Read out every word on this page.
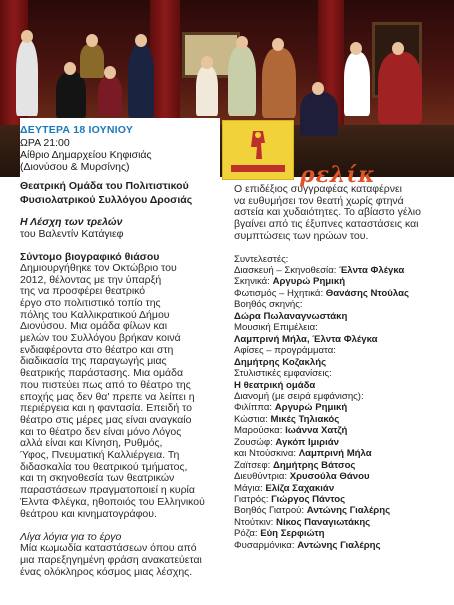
ΔΕΥΤΕΡΑ 18 ΙΟΥΝΙΟΥ
ΩΡΑ 21:00
Αίθριο Δημαρχείου Κηφισιάς
(Διονύσου & Μυρσίνης)	ρελίκ
Θεατρική Ομάδα του Πολιτιστικού
Φυσιολατρικού Συλλόγου Δροσιάς
Η Λέσχη των τρελών
του Βαλεντίν Κατάγιεφ
Σύντομο βιογραφικό θιάσου
Δημιουργήθηκε τον Οκτώβριο του
2012, θέλοντας με την ύπαρξή
της να προσφέρει θεατρικό
έργο στο πολιτιστικό τοπίο της
πόλης του Καλλικρατικού Δήμου
Διονύσου. Μια ομάδα φίλων και
μελών του Συλλόγου βρήκαν κοινά
ενδιαφέροντα στο θέατρο και στη
διαδικασία της παραγωγής μιας
θεατρικής παράστασης. Μια ομάδα
που πιστεύει πως από το θέατρο της
εποχής μας δεν θα' πρεπε να λείπει η
περιέργεια και η φαντασία. Επειδή το
θέατρο στις μέρες μας είναι αναγκαίο
και το θέατρο δεν είναι μόνο Λόγος
αλλά είναι και Κίνηση, Ρυθμός,
Ύφος, Πνευματική Καλλιέργεια. Τη
διδασκαλία του θεατρικού τμήματος,
και τη σκηνοθεσία των θεατρικών
παραστάσεων πραγματοποιεί η κυρία
Έλντα Φλέγκα, ηθοποιός του Ελληνικού
θεάτρου και κινηματογράφου.
Λίγα λόγια για το έργο
Μία κωμωδία καταστάσεων όπου από
μια παρεξηγημένη φράση ανακατεύεται
ένας ολόκληρος κόσμος μιας λέσχης.
Ο επιδέξιος συγγραφέας καταφέρνει
να ευθυμήσει τον θεατή χωρίς φτηνά
αστεία και χυδαιότητες. Το αβίαστο γέλιο
βγαίνει από τις έξυπνες καταστάσεις και
συμπτώσεις των ηρώων του.
Συντελεστές:
Διασκευή – Σκηνοθεσία: Έλντα Φλέγκα
Σκηνικά: Αργυρώ Ρημική
Φωτισμός – Ηχητικά: Θανάσης Ντούλας
Βοηθός σκηνής:
Δώρα Πωλαναγνωστάκη
Μουσική Επιμέλεια:
Λαμπρινή Μήλα, Έλντα Φλέγκα
Αφίσες – προγράμματα:
Δημήτρης Κοζακλής
Στυλιστικές εμφανίσεις:
Η θεατρική ομάδα
Διανομή (με σειρά εμφάνισης):
Φιλίππα: Αργυρώ Ρημική
Κώστια: Μικές Τηλιακός
Μαρούσκα: Ιωάννα Χατζή
Ζουσώφ: Αγκόπ Ιμιριάν
και Ντούσκινα: Λαμπρινή Μήλα
Ζαϊτσεφ: Δημήτρης Βάτσος
Διευθύντρια: Χρυσούλα Θάνου
Μάγια: Ελίζα Σαχακιάν
Γιατρός: Γιώργος Πάντος
Βοηθός Γιατρού: Αντώνης Γιαλέρης
Ντούτκιν: Νίκος Παναγιωτάκης
Ρόζα: Εύη Σερφιώτη
Φυσαρμόνικα: Αντώνης Γιαλέρης
